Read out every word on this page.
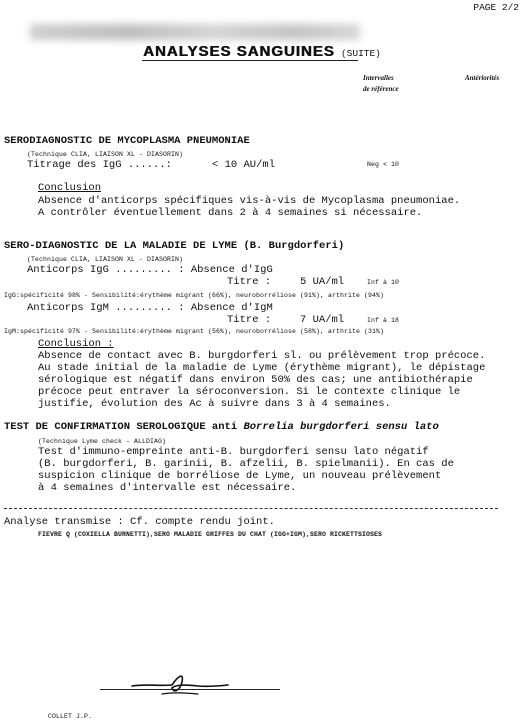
PAGE 2/2
ANALYSES SANGUINES (SUITE)
Intervalles
de référence
Antériorités
SERODIAGNOSTIC DE MYCOPLASMA PNEUMONIAE
(Technique CLIA, LIAISON XL - DIASORIN)
Titrage des IgG ......:	< 10 AU/ml	Neg < 10
Conclusion
Absence d'anticorps spécifiques vis-à-vis de Mycoplasma pneumoniae.
A contrôler éventuellement dans 2 à 4 semaines si nécessaire.
SERO-DIAGNOSTIC DE LA MALADIE DE LYME (B. Burgdorferi)
(Technique CLIA, LIAISON XL - DIASORIN)
Anticorps IgG ......... : Absence d'IgG
Titre :	5 UA/ml	Inf à 10
IgG:spécificité 98% - Sensibilité:érythème migrant (66%), neuroborréliose (91%), arthrite (94%)
Anticorps IgM ......... : Absence d'IgM
Titre :	7 UA/ml	Inf à 18
IgM:spécificité 97% - Sensibilité:érythème migrant (56%), neuroborréliose (58%), arthrite (31%)
Conclusion :
Absence de contact avec B. burgdorferi sl. ou prélèvement trop précoce.
Au stade initial de la maladie de Lyme (érythème migrant), le dépistage
sérologique est négatif dans environ 50% des cas; une antibiothérapie
précoce peut entraver la séroconversion. Si le contexte clinique le
justifie, évolution des Ac à suivre dans 3 à 4 semaines.
TEST DE CONFIRMATION SEROLOGIQUE anti Borrelia burgdorferi sensu lato
(Technique Lyme check - ALLDIAG)
Test d'immuno-empreinte anti-B. burgdorferi sensu lato négatif
(B. burgdorferi, B. garinii, B. afzelii, B. spielmanii). En cas de
suspicion clinique de borréliose de Lyme, un nouveau prélèvement
à 4 semaines d'intervalle est nécessaire.
Analyse transmise : Cf. compte rendu joint.
FIEVRE Q (COXIELLA BURNETTI),SERO MALADIE GRIFFES DU CHAT (IGG+IGM),SERO RICKETTSIOSES
COLLET J.P.
